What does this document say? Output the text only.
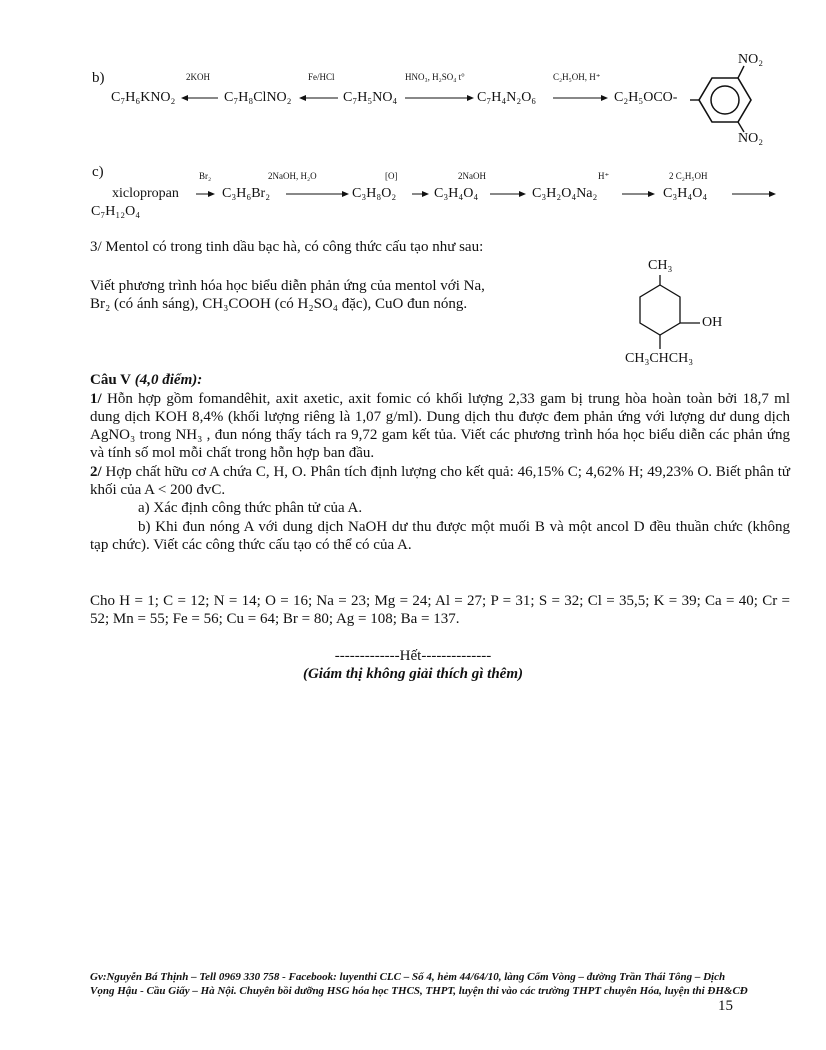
b)	2KOH	Fe/HCl	HNO₃, H₂SO₄ t°	C₂H₅OH, H⁺
C₇H₆KNO₂	C₇H₈ClNO₂	C₇H₅NO₄	C₇H₄N₂O₆	C₂H₅OCO-
NO₂
NO₂
c)	Br₂	2NaOH, H₂O	[O]	2NaOH	H⁺	2 C₂H₅OH
xiclopropan	C₃H₆Br₂	C₃H₈O₂	C₃H₄O₄	C₃H₂O₄Na₂	C₃H₄O₄
C₇H₁₂O₄
3/ Mentol có trong tinh dầu bạc hà, có công thức cấu tạo như sau:
Viết phương trình hóa học biểu diễn phản ứng của mentol với Na,
Br₂ (có ánh sáng), CH₃COOH (có H₂SO₄ đặc), CuO đun nóng.
CH₃
OH
CH₃CHCH₃
Câu V (4,0 điểm):
1/ Hỗn hợp gồm fomandêhit, axit axetic, axit fomic có khối lượng 2,33 gam bị trung hòa hoàn toàn bởi 18,7 ml dung dịch KOH 8,4% (khối lượng riêng là 1,07 g/ml). Dung dịch thu được đem phản ứng với lượng dư dung dịch AgNO₃ trong NH₃ , đun nóng thấy tách ra 9,72 gam kết tủa. Viết các phương trình hóa học biểu diễn các phản ứng và tính số mol mỗi chất trong hỗn hợp ban đầu.
2/ Hợp chất hữu cơ A chứa C, H, O. Phân tích định lượng cho kết quả: 46,15% C; 4,62% H; 49,23% O. Biết phân tử khối của A < 200 đvC.
a) Xác định công thức phân tử của A.
b) Khi đun nóng A với dung dịch NaOH dư thu được một muối B và một ancol D đều thuần chức (không tạp chức). Viết các công thức cấu tạo có thể có của A.
Cho H = 1; C = 12; N = 14; O = 16; Na = 23; Mg = 24; Al = 27; P = 31; S = 32; Cl = 35,5; K = 39; Ca = 40; Cr = 52; Mn = 55; Fe = 56; Cu = 64; Br = 80; Ag = 108; Ba = 137.
-------------Hết--------------
(Giám thị không giải thích gì thêm)
Gv:Nguyễn Bá Thịnh – Tell 0969 330 758 - Facebook: luyenthi CLC – Số 4, hẻm 44/64/10, làng Cốm Vòng – đường Trần Thái Tông – Dịch Vọng Hậu - Cầu Giấy – Hà Nội. Chuyên bồi dưỡng HSG hóa học THCS, THPT, luyện thi vào các trường THPT chuyên Hóa, luyện thi ĐH&CĐ
15
